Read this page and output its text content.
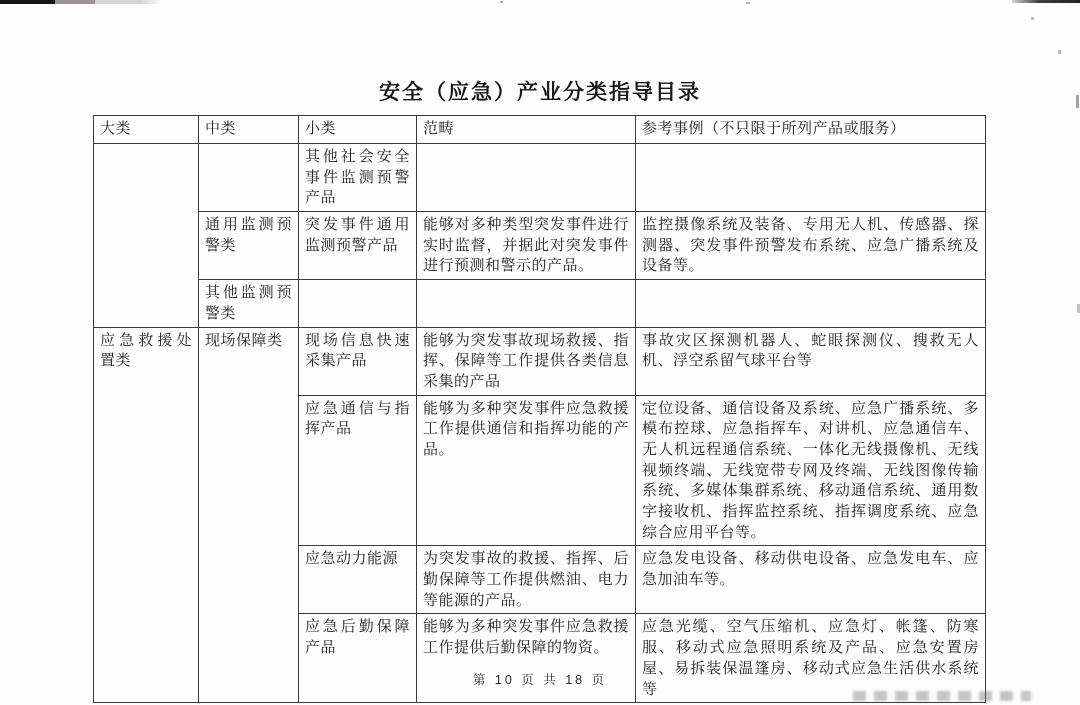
安全（应急）产业分类指导目录
大类	中类	小类	范畴	参考事例（不只限于所列产品或服务）
		其他社会安全事件监测预警产品		
	通用监测预警类	突发事件通用监测预警产品	能够对多种类型突发事件进行实时监督，并据此对突发事件进行预测和警示的产品。	监控摄像系统及装备、专用无人机、传感器、探测器、突发事件预警发布系统、应急广播系统及设备等。
	其他监测预警类			
应急救援处置类	现场保障类	现场信息快速采集产品	能够为突发事故现场救援、指挥、保障等工作提供各类信息采集的产品	事故灾区探测机器人、蛇眼探测仪、搜救无人机、浮空系留气球平台等
		应急通信与指挥产品	能够为多种突发事件应急救援工作提供通信和指挥功能的产品。	定位设备、通信设备及系统、应急广播系统、多模布控球、应急指挥车、对讲机、应急通信车、无人机远程通信系统、一体化无线摄像机、无线视频终端、无线宽带专网及终端、无线图像传输系统、多媒体集群系统、移动通信系统、通用数字接收机、指挥监控系统、指挥调度系统、应急综合应用平台等。
		应急动力能源	为突发事故的救援、指挥、后勤保障等工作提供燃油、电力等能源的产品。	应急发电设备、移动供电设备、应急发电车、应急加油车等。
		应急后勤保障产品	能够为多种突发事件应急救援工作提供后勤保障的物资。	应急光缆、空气压缩机、应急灯、帐篷、防寒服、移动式应急照明系统及产品、应急安置房屋、易拆装保温篷房、移动式应急生活供水系统等
第 10 页 共 18 页
